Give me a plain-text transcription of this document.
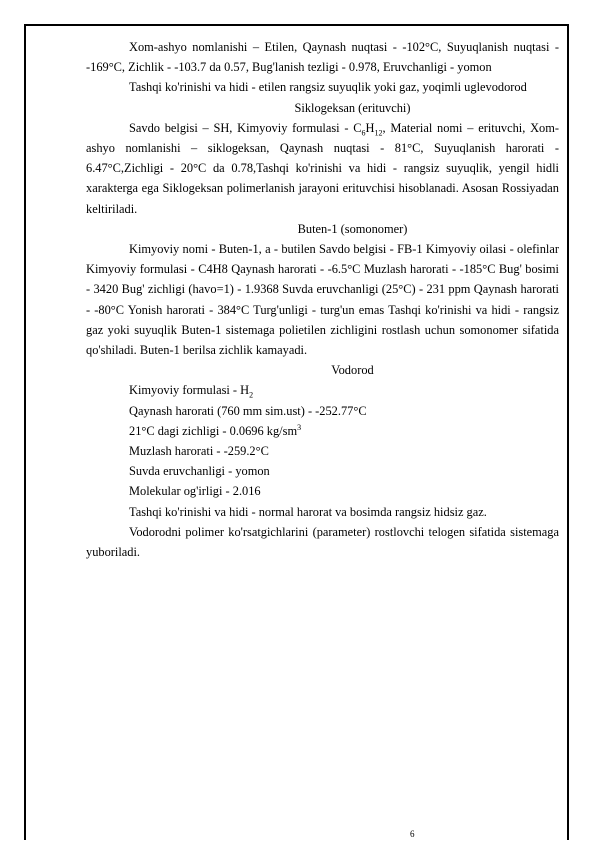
Xom-ashyo nomlanishi – Etilen, Qaynash nuqtasi - -102°C, Suyuqlanish nuqtasi - -169°C, Zichlik - -103.7 da 0.57, Bug'lanish tezligi - 0.978, Eruvchanligi - yomon

Tashqi ko'rinishi va hidi - etilen rangsiz suyuqlik yoki gaz, yoqimli uglevodorod

Siklogeksan (erituvchi)

Savdo belgisi – SH, Kimyoviy formulasi - $C_6H_{12}$, Material nomi – erituvchi, Xom-ashyo nomlanishi – siklogeksan, Qaynash nuqtasi - 81°C, Suyuqlanish harorati - 6.47°C,Zichligi - 20°C da 0.78,Tashqi ko'rinishi va hidi - rangsiz suyuqlik, yengil hidli xarakterga ega Siklogeksan polimerlanish jarayoni erituvchisi hisoblanadi. Asosan Rossiyadan keltiriladi.

Buten-1 (somonomer)

Kimyoviy nomi - Buten-1, a - butilen Savdo belgisi - FB-1 Kimyoviy oilasi - olefinlar Kimyoviy formulasi - C4H8 Qaynash harorati - -6.5°C Muzlash harorati - -185°C Bug' bosimi - 3420 Bug' zichligi (havo=1) - 1.9368 Suvda eruvchanligi (25°C) - 231 ppm Qaynash harorati - -80°C Yonish harorati - 384°C Turg'unligi - turg'un emas Tashqi ko'rinishi va hidi - rangsiz gaz yoki suyuqlik Buten-1 sistemaga polietilen zichligini rostlash uchun somonomer sifatida qo'shiladi. Buten-1 berilsa zichlik kamayadi.

Vodorod

Kimyoviy formulasi - $H_2$

Qaynash harorati (760 mm sim.ust) - -252.77°C

21°C dagi zichligi - 0.0696 $kg/sm^3$

Muzlash harorati - -259.2°C

Suvda eruvchanligi - yomon

Molekular og'irligi - 2.016

Tashqi ko'rinishi va hidi - normal harorat va bosimda rangsiz hidsiz gaz.

Vodorodni polimer ko'rsatgichlarini (parameter) rostlovchi telogen sifatida sistemaga yuboriladi.

6
